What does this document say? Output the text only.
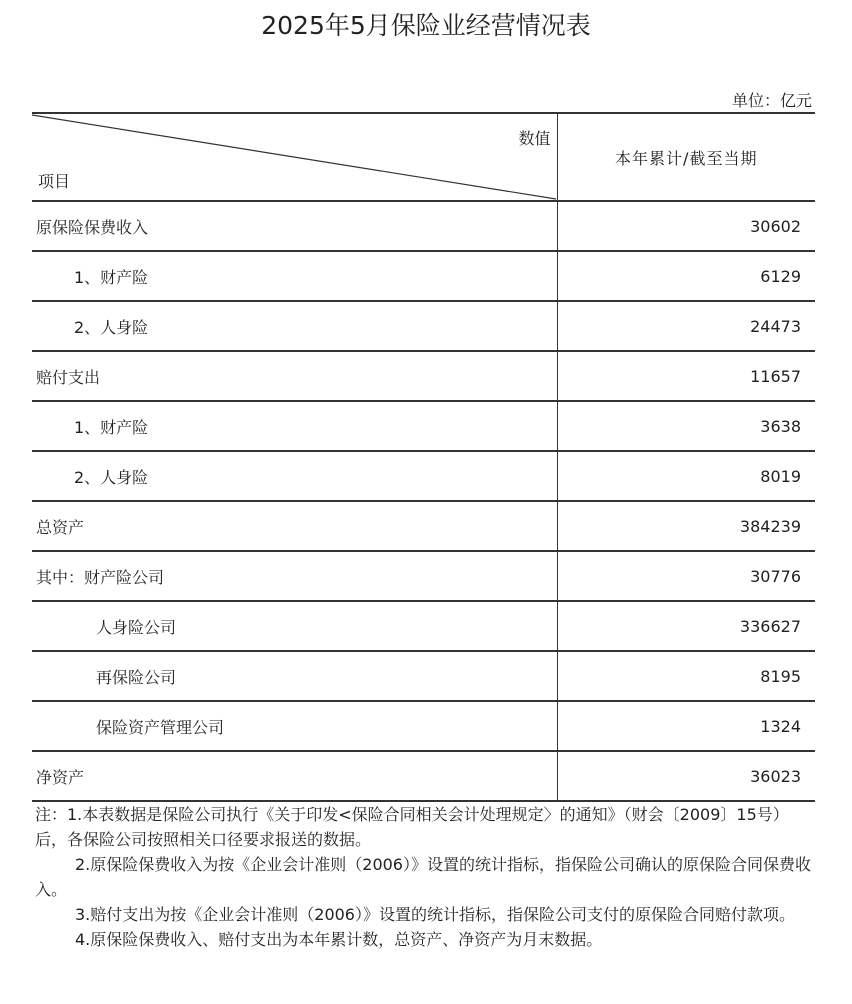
2025年5月保险业经营情况表
单位：亿元
数值
项目	本年累计/截至当期
原保险保费收入	30602
1、财产险	6129
2、人身险	24473
赔付支出	11657
1、财产险	3638
2、人身险	8019
总资产	384239
其中：财产险公司	30776
人身险公司	336627
再保险公司	8195
保险资产管理公司	1324
净资产	36023

注：1.本表数据是保险公司执行《关于印发<保险合同相关会计处理规定〉的通知》（财会〔2009〕15号）后，各保险公司按照相关口径要求报送的数据。

2.原保险保费收入为按《企业会计准则（2006）》设置的统计指标，指保险公司确认的原保险合同保费收入。

3.赔付支出为按《企业会计准则（2006）》设置的统计指标，指保险公司支付的原保险合同赔付款项。

4.原保险保费收入、赔付支出为本年累计数，总资产、净资产为月末数据。
